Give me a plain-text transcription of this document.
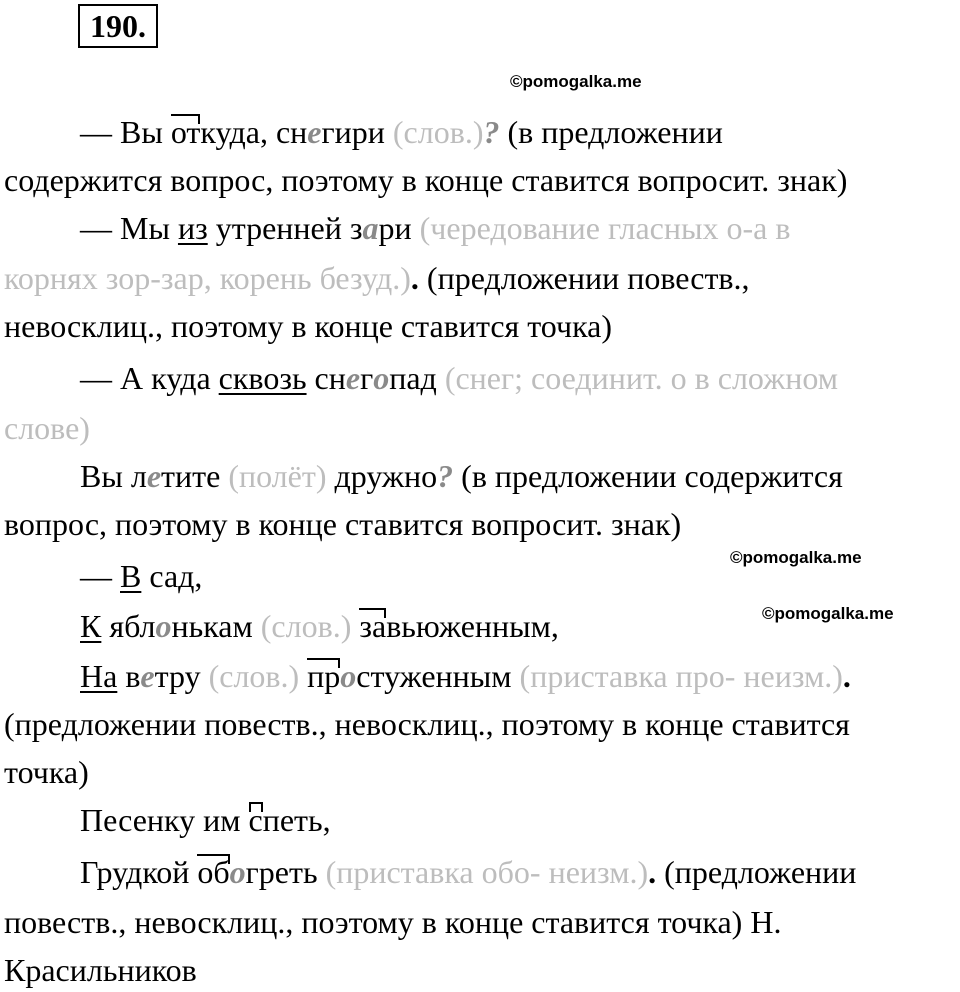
190.
©pomogalka.me
©pomogalka.me
©pomogalka.me
— Вы откуда, снегири (слов.)? (в предложении
содержится вопрос, поэтому в конце ставится вопросит. знак)
— Мы из утренней зари (чередование гласных о-а в
корнях зор-зар, корень безуд.). (предложении повеств.,
невосклиц., поэтому в конце ставится точка)
— А куда сквозь снегопад (снег; соединит. о в сложном
слове)
Вы летите (полёт) дружно? (в предложении содержится
вопрос, поэтому в конце ставится вопросит. знак)
— В сад,
К яблонькам (слов.) завьюженным,
На ветру (слов.) простуженным (приставка про- неизм.).
(предложении повеств., невосклиц., поэтому в конце ставится
точка)
Песенку им спеть,
Грудкой обогреть (приставка обо- неизм.). (предложении
повеств., невосклиц., поэтому в конце ставится точка) Н.
Красильников
